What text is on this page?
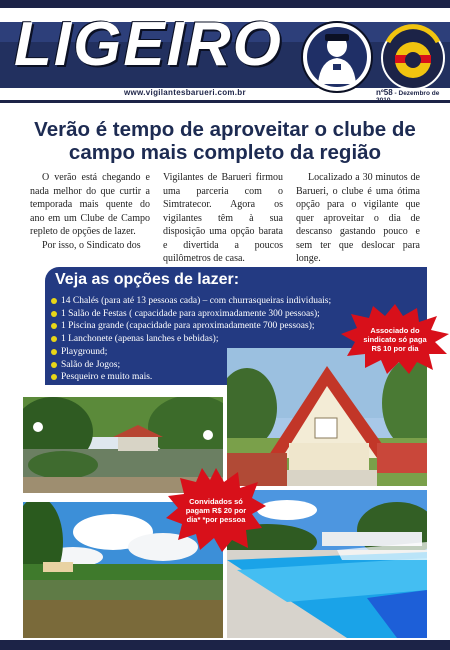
LIGEIRO
www.vigilantesbarueri.com.br	nº58 - Dezembro de
Verão é tempo de aproveitar o clube de campo mais completo da região

O verão está chegando e nada melhor do que curtir a temporada mais quente do ano em um Clube de Campo repleto de opções de lazer.

Por isso, o Sindicato dos

Vigilantes de Barueri firmou uma parceria com o Simtratecor. Agora os vigilantes têm à sua disposição uma opção barata e divertida a poucos quilômetros de casa.

Localizado a 30 minutos de Barueri, o clube é uma ótima opção para o vigilante que quer aproveitar o dia de descanso gastando pouco e sem ter que deslocar para longe.

Veja as opções de lazer:
14 Chalés (para até 13 pessoas cada) – com churrasqueiras individuais;
1 Salão de Festas ( capacidade para aproximadamente 300 pessoas);
1 Piscina grande (capacidade para aproximadamente 700 pessoas);
1 Lanchonete (apenas lanches e bebidas);
Playground;
Salão de Jogos;
Pesqueiro e muito mais.
Associado do sindicato só paga R$ 10 por dia
Convidados só pagam R$ 20 por dia* *por pessoa
